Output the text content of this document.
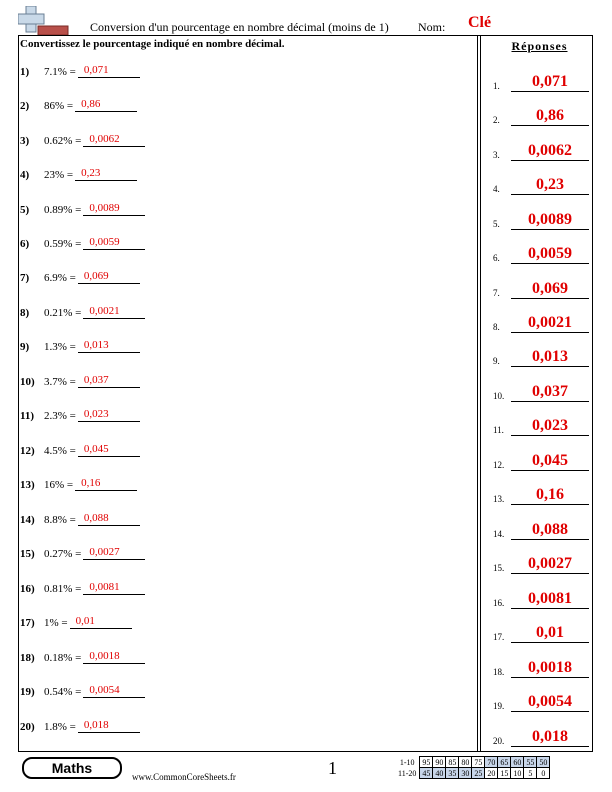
Conversion d'un pourcentage en nombre décimal (moins de 1) Nom: Clé
Convertissez le pourcentage indiqué en nombre décimal.	Réponses
1)	7.1% = 0,071
2)	86% = 0,86
3)	0.62% = 0,0062
4)	23% = 0,23
5)	0.89% = 0,0089
6)	0.59% = 0,0059
7)	6.9% = 0,069
8)	0.21% = 0,0021
9)	1.3% = 0,013
10) 3.7% = 0,037
11) 2.3% = 0,023
12) 4.5% = 0,045
13) 16% = 0,16
14) 8.8% = 0,088
15) 0.27% = 0,0027
16) 0.81% = 0,0081
17) 1% = 0,01
18) 0.18% = 0,0018
19) 0.54% = 0,0054
20) 1.8% = 0,018
1.	0,071
2.	0,86
3.	0,0062
4.	0,23
5.	0,0089
6.	0,0059
7.	0,069
8.	0,0021
9.	0,013
10.	0,037
11.	0,023
12.	0,045
13.	0,16
14.	0,088
15.	0,0027
16.	0,0081
17.	0,01
18.	0,0018
19.	0,0054
20.	0,018
Maths
www.CommonCoreSheets.fr	1	1-10	95	90	85	80	75	70	65	60	55	50
11-20	45	40	35	30	25	20	15	10	5	0
